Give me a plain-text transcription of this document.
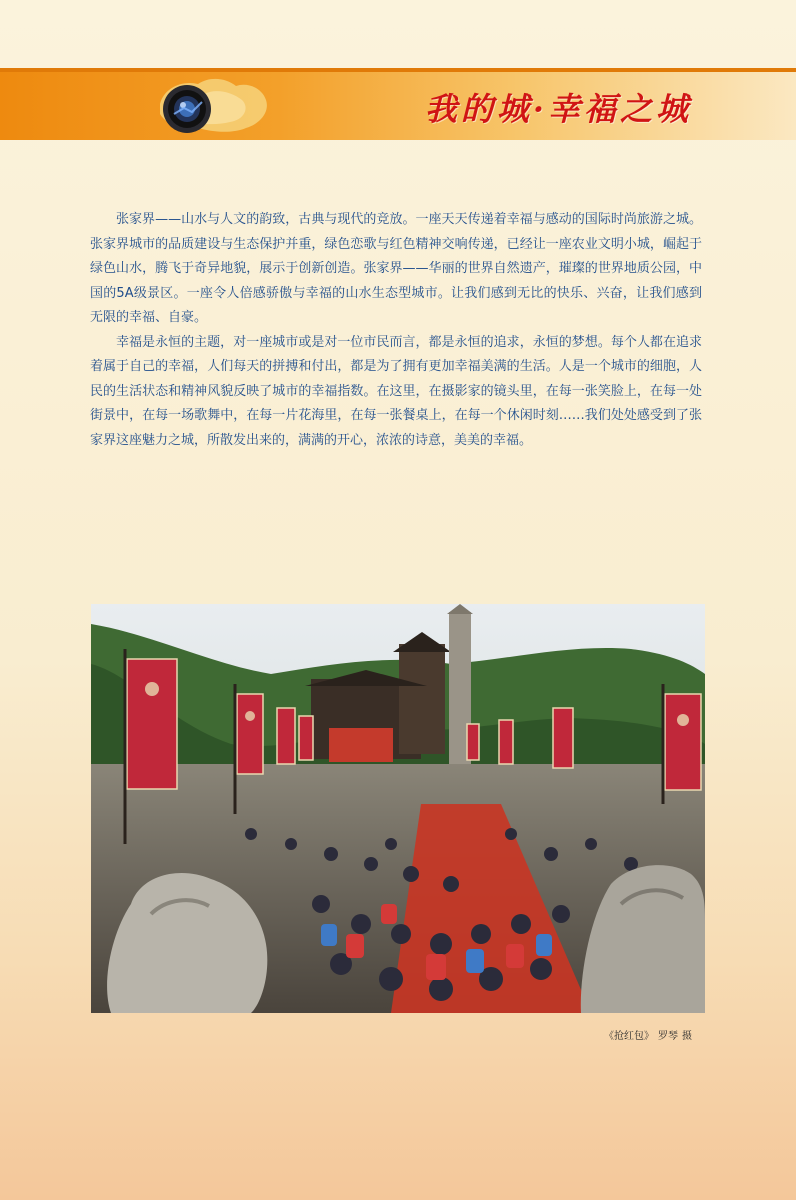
我的城·幸福之城

张家界——山水与人文的韵致，古典与现代的竞放。一座天天传递着幸福与感动的国际时尚旅游之城。张家界城市的品质建设与生态保护并重，绿色恋歌与红色精神交响传递，已经让一座农业文明小城，崛起于绿色山水，腾飞于奇异地貌，展示于创新创造。张家界——华丽的世界自然遗产，璀璨的世界地质公园，中国的5A级景区。一座令人倍感骄傲与幸福的山水生态型城市。让我们感到无比的快乐、兴奋，让我们感到无限的幸福、自豪。

幸福是永恒的主题，对一座城市或是对一位市民而言，都是永恒的追求，永恒的梦想。每个人都在追求着属于自己的幸福，人们每天的拼搏和付出，都是为了拥有更加幸福美满的生活。人是一个城市的细胞，人民的生活状态和精神风貌反映了城市的幸福指数。在这里，在摄影家的镜头里，在每一张笑脸上，在每一处街景中，在每一场歌舞中，在每一片花海里，在每一张餐桌上，在每一个休闲时刻……我们处处感受到了张家界这座魅力之城，所散发出来的，满满的开心，浓浓的诗意，美美的幸福。

《抢红包》 罗琴 摄
